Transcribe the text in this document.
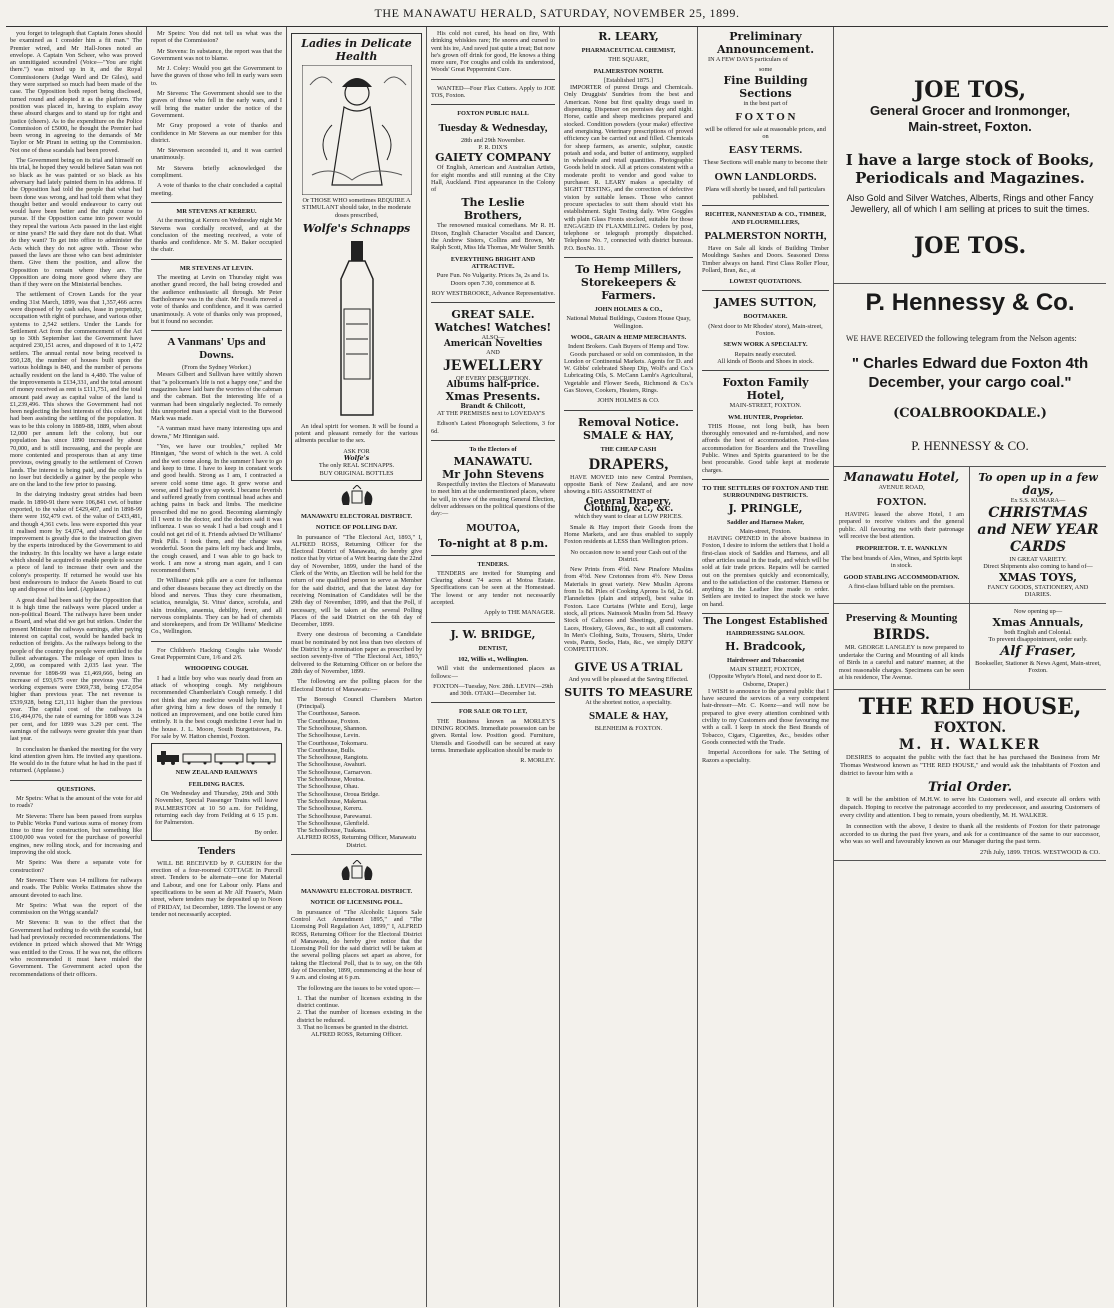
THE MANAWATU HERALD, SATURDAY, NOVEMBER 25, 1899.

you forget to telegraph that Captain Jones should be examined as I consider him a fit man." The Premier wired, and Mr Hall-Jones noted an envelope. A Captain Von Scheer, who was proved an unmitigated scoundrel (Voice—"You are right there.") was mixed up in it, and the Royal Commissioners (Judge Ward and Dr Giles), said they were surprised so much had been made of the case. The Opposition both report being disclosed, turned round and adopted it as the platform. The position was placed in, having to explain away these absurd charges and to stand up for right and justice (cheers). As to the expenditure on the Police Commission of £5000, he thought the Premier had been wrong in agreeing to the demands of Mr Taylor or Mr Pirani in setting up the Commission. Not one of these scandals had been proved.

The Government being on its trial and himself on his trial, he hoped they would believe Satan was not so black as he was painted or so black as his adversary had lately painted them in his address. If the Opposition had told the people that what had been done was wrong, and had told them what they thought better and would endeavour to carry out would have been better and the right course to pursue. If the Opposition came into power would they repeal the various Acts passed in the last eight or nine years? He said they dare not do that. What do they want? To get into office to administer the Acts which they do not agree with. Those who passed the laws are those who can best administer them. Give them the position, and allow the Opposition to remain where they are. The Opposition are doing more good where they are than if they were on the Ministerial benches.

The settlement of Crown Lands for the year ending 31st March, 1899, was that 1,357,466 acres were disposed of by cash sales, lease in perpetuity, occupation with right of purchase, and various other systems to 2,542 settlers. Under the Lands for Settlement Act from the commencement of the Act up to 30th September last the Government have acquired 230,151 acres, and disposed of it to 1,472 settlers. The annual rental now being received is £60,128, the number of houses built upon the various holdings is 840, and the number of persons actually resident on the land is 4,480. The value of the improvements is £134,331, and the total amount of money received as rent is £111,751, and the total amount paid away as capital value of the land is £1,239,496. This shows the Government had not been neglecting the best interests of this colony, but had been assisting the settling of the population. It was to be this colony in 1889-88, 1889, when about 12,000 per annum left the colony, but our population has since 1890 increased by about 70,000, and is still increasing, and the people are more contented and prosperous than at any time previous, owing greatly to the settlement of Crown lands. The interest is being paid, and the colony is no loser but decidedly a gainer by the people who are on the land to the few prior to passing.

In the dairying industry great strides had been made. In 1890-91 there were 106,841 cwt. of butter exported, to the value of £429,407, and in 1898-99 there were 192,479 cwt. of the value of £433,481, and though 4,361 cwts. less were exported this year it realised more by £4,074, and showed that the improvement is greatly due to the instruction given by the experts introduced by the Government to aid the industry. In this locality we have a large estate which should be acquired to enable people to secure a piece of land to increase their own and the colony's prosperity. If returned he would use his best endeavours to induce the Assets Board to cut up and dispose of this land. (Applause.)

A great deal had been said by the Opposition that it is high time the railways were placed under a non-political Board. The railways have been under a Board, and what did we get but strikes. Under the present Minister the railways earnings, after paying interest on capital cost, would be handed back in reduction of freights. As the railways belong to the people of the country the people were entitled to the fullest advantages. The mileage of open lines is 2,090, as compared with 2,035 last year. The revenue for 1898-99 was £1,469,666, being an increase of £93,675 over the previous year. The working expenses were £969,738, being £72,054 higher than previous year. The net revenue is £539,928, being £21,111 higher than the previous year. The capital cost of the railways is £16,494,076, the rate of earning for 1898 was 3.24 per cent, and for 1899 was 3.29 per cent. The earnings of the railways were greater this year than last year.

In conclusion he thanked the meeting for the very kind attention given him. He invited any questions. He would do in the future what he had in the past if returned. (Applause.)

QUESTIONS.

Mr Speirs: What is the amount of the vote for aid to roads?

Mr Stevens: There has been passed from surplus to Public Works Fund various sums of money from time to time for construction, but something like £100,000 was voted for the purchase of powerful engines, new rolling stock, and for increasing and improving the old stock.

Mr Speirs: Was there a separate vote for construction?

Mr Stevens: There was 14 millions for railways and roads. The Public Works Estimates show the amount devoted to each line.

Mr Speirs: What was the report of the commission on the Wrigg scandal?

Mr Stevens: It was to the effect that the Government had nothing to do with the scandal, but had had previously recorded recommendations. The evidence in prized which showed that Mr Wrigg was entitled to the Cross. If he was not, the officers who recommended it must have misled the Government. The Government acted upon the recommendations of their officers.

Mr Speirs: You did not tell us what was the report of the Commission?

Mr Stevens: In substance, the report was that the Government was not to blame.

Mr J. Coley: Would you get the Government to have the graves of those who fell in early wars seen to.

Mr Stevens: The Government should see to the graves of those who fell in the early wars, and I will bring the matter under the notice of the Government.

Mr Gray proposed a vote of thanks and confidence in Mr Stevens as our member for this district.

Mr Stevenson seconded it, and it was carried unanimously.

Mr Stevens briefly acknowledged the compliment.

A vote of thanks to the chair concluded a capital meeting.

MR STEVENS AT KERERU.

At the meeting at Kereru on Wednesday night Mr Stevens was cordially received, and at the conclusion of the meeting received, a vote of thanks and confidence. Mr S. M. Baker occupied the chair.

MR STEVENS AT LEVIN.

The meeting at Levin on Thursday night was another grand record, the hall being crowded and the audience enthusiastic all through. Mr Peter Bartholomew was in the chair. Mr Fossils moved a vote of thanks and confidence, and it was carried unanimously. A vote of thanks only was proposed, but it found no seconder.

A Vanmans' Ups and Downs.
(From the Sydney Worker.)

Messrs Gilbert and Sullivan have wittily shown that "a policeman's life is not a happy one," and the magazines have laid bare the worries of the cabman and the cabman. But the interesting life of a vanman had been singularly neglected. To remedy this unreported man a special visit to the Burwood Mark was made.

"A vanman must have many interesting ups and downs," Mr Hinnigan said.

"Yes, we have our troubles," replied Mr Hinnigan, "the worst of which is the wet. A cold and the wet come along. In the summer I have to go and keep to time. I have to keep in constant work and good health. Strong as I am, I contracted a severe cold some time ago. It grew worse and worse, and I had to give up work. I became feverish and suffered greatly from continual head aches and aching pains in back and limbs. The medicine prescribed did me no good. Becoming alarmingly ill I went to the doctor, and the doctors said it was influenza. I was so weak I had a bad cough and I could not get rid of it. Friends advised Dr Williams' Pink Pills. I took them, and the change was wonderful. Soon the pains left my back and limbs, the cough ceased, and I was able to go back to work. I am now a strong man again, and I can recommend them."

Dr Williams' pink pills are a cure for influenza and other diseases because they act directly on the blood and nerves. Thus they cure rheumatism, sciatica, neuralgia, St. Vitus' dance, scrofula, and skin troubles, anaemia, debility, fever, and all nervous complaints. They can be had of chemists and storekeepers, and from Dr Williams' Medicine Co., Wellington.

For Children's Hacking Coughs take Woods' Great Peppermint Cure, 1/6 and 2/6.

WHOOPING COUGH.

I had a little boy who was nearly dead from an attack of whooping cough. My neighbours recommended Chamberlain's Cough remedy. I did not think that any medicine would help him, but after giving him a few doses of the remedy I noticed an improvement, and one bottle cured him entirely. It is the best cough medicine I ever had in the house. J. L. Moore, South Burgettstown, Pa. For sale by W. Hatton chemist, Foxton.

NEW ZEALAND RAILWAYS
FEILDING RACES.

On Wednesday and Thursday, 29th and 30th November, Special Passenger Trains will leave PALMERSTON at 10 50 a.m. for Feilding, returning each day from Feilding at 6 15 p.m. for Palmerston.

By order.
Tenders

WILL BE RECEIVED by P. GUERIN for the erection of a four-roomed COTTAGE in Purcell street. Tenders to be alternate—one for Material and Labour, and one for Labour only. Plans and specifications to be seen at Mr Alf Fraser's, Main street, where tenders may be deposited up to Noon of FRIDAY, 1st December, 1899. The lowest or any tender not necessarily accepted.

Ladies in Delicate Health

Or THOSE WHO sometimes REQUIRE A STIMULANT should take, in the moderate doses prescribed,

Wolfe's Schnapps

An ideal spirit for women. It will be found a potent and pleasant remedy for the various ailments peculiar to the sex.

ASK FOR
Wolfe's
The only REAL SCHNAPPS.
BUY ORIGINAL BOTTLES
MANAWATU ELECTORAL DISTRICT.
NOTICE OF POLLING DAY.

In pursuance of "The Electoral Act, 1893," I, ALFRED ROSS, Returning Officer for the Electoral District of Manawatu, do hereby give notice that by virtue of a Writ bearing date the 22nd day of November, 1899, under the hand of the Clerk of the Writs, an Election will be held for the return of one qualified person to serve as Member for the said district, and that the latest day for receiving Nomination of Candidates will be the 29th day of November, 1899, and that the Poll, if necessary, will be taken at the several Polling Places of the said District on the 6th day of December, 1899.

Every one desirous of becoming a Candidate must be nominated by not less than two electors of the District by a nomination paper as prescribed by section seventy-five of "The Electoral Act, 1893," delivered to the Returning Officer on or before the 28th day of November, 1899.

The following are the polling places for the Electoral District of Manawatu:—

The Borough Council Chambers Marton (Principal).
The Courthouse, Sanson.
The Courthouse, Foxton.
The Schoolhouse, Shannon.
The Schoolhouse, Levin.
The Courthouse, Tokomaru.
The Courthouse, Bulls.
The Schoolhouse, Rangiotu.
The Schoolhouse, Awahuri.
The Schoolhouse, Carnarvon.
The Schoolhouse, Moutoa.
The Schoolhouse, Ohau.
The Schoolhouse, Oroua Bridge.
The Schoolhouse, Makerua.
The Schoolhouse, Kereru.
The Schoolhouse, Parewanui.
The Schoolhouse, Glenfield.
The Schoolhouse, Tuakana.
ALFRED ROSS, Returning Officer, Manawatu District.
MANAWATU ELECTORAL DISTRICT.
NOTICE OF LICENSING POLL.

In pursuance of "The Alcoholic Liquors Sale Control Act Amendment 1895," and "The Licensing Poll Regulation Act, 1899," I, ALFRED ROSS, Returning Officer for the Electoral District of Manawatu, do hereby give notice that the Licensing Poll for the said district will be taken at the several polling places set apart as above, for taking the Electoral Poll, that is to say, on the 6th day of December, 1899, commencing at the hour of 9 a.m. and closing at 6 p.m.

The following are the issues to be voted upon:—

1. That the number of licenses existing in the district continue.
2. That the number of licenses existing in the district be reduced.
3. That no licenses be granted in the district.
ALFRED ROSS, Returning Officer.

His cold not cured, his head on fire, With drinking whiskies rare; He snores and cursed to vent his ire, And raved just quite a treat; But now he's grown off drink for good, He knows a thing more sure, For coughs and colds its understood, Woods' Great Peppermint Cure.

WANTED—Four Flax Cutters. Apply to JOE TOS, Foxton.

FOXTON PUBLIC HALL
Tuesday & Wednesday,
28th and 29th November.
P. R. DIX'S
GAIETY COMPANY

Of English, American and Australian Artists, for eight months and still running at the City Hall, Auckland. First appearance in the Colony of

The Leslie Brothers,

The renowned musical comedians. Mr R. H. Dixon, English Character Vocalist and Dancer, the Andrew Sisters, Collins and Brown, Mr Ralph Scott, Miss Ida Thomas, Mr Walter Smith.

EVERYTHING BRIGHT AND ATTRACTIVE.

Pure Fun. No Vulgarity. Prices 3s, 2s and 1s. Doors open 7.30, commence at 8.

ROY WESTBROOKE, Advance Representative.
GREAT SALE.
Watches! Watches!
ALSO—
American Novelties
AND
JEWELLERY
OF EVERY DESCRIPTION.
Albums half-price.
Xmas Presents.
Brandt & Chilcott,

AT THE PREMISES next to LOVEDAY'S

Edison's Latest Phonograph Selections, 3 for 6d.

To the Electors of
MANAWATU.
Mr John Stevens

Respectfully invites the Electors of Manawatu to meet him at the undermentioned places, where he will, in view of the ensuing General Election, deliver addresses on the political questions of the day:—

MOUTOA,
To-night at 8 p.m.
TENDERS.

TENDERS are invited for Stumping and Clearing about 74 acres at Motoa Estate. Specifications can be seen at the Homestead. The lowest or any tender not necessarily accepted.

Apply to THE MANAGER.
J. W. BRIDGE,
DENTIST,
102, Willis st., Wellington.

Will visit the undermentioned places as follows:—

FOXTON—Tuesday, Nov. 28th. LEVIN—29th and 30th. OTAKI—December 1st.

FOR SALE OR TO LET,

THE Business known as MORLEY'S DINING ROOMS. Immediate possession can be given. Rental low. Position good. Furniture, Utensils and Goodwill can be secured at easy terms. Immediate application should be made to

R. MORLEY.
R. LEARY,
PHARMACEUTICAL CHEMIST,
THE SQUARE,
PALMERSTON NORTH.
[Established 1875.]

IMPORTER of purest Drugs and Chemicals. Only Druggists' Sundries from the best and American. None but first quality drugs used in dispensing. Dispenser on premises day and night. Horse, cattle and sheep medicines prepared and stocked. Condition powders (your make) effective and energising. Veterinary prescriptions of proved efficiency can be carried out and filled. Chemicals for sheep farmers, as arsenic, sulphur, caustic potash and soda, and butter of antimony, supplied in wholesale and retail quantities. Photographic Goods held in stock. All at prices consistent with a moderate profit to vendor and good value to purchaser. R. LEARY makes a speciality of SIGHT TESTING, and the correction of defective vision by suitable lenses. Those who cannot procure spectacles to suit them should visit his establishment. Sight Testing daily. Wire Goggles with plain Glass Fronts stocked, suitable for those ENGAGED IN FLAXMILLING. Orders by post, telephone or telegraph promptly dispatched. Telephone No. 7, connected with district bureaus. P.O. BoxNo. 11.

To Hemp Millers, Storekeepers & Farmers.
JOHN HOLMES & CO.,
National Mutual Buildings, Custom House Quay, Wellington.
WOOL, GRAIN & HEMP MERCHANTS.
Indent Brokers. Cash Buyers of Hemp and Tow.

Goods purchased or sold on commission, in the London or Continental Markets. Agents for D. and W. Gibbs' celebrated Sheep Dip, Wolf's and Co.'s Lubricating Oils, S. McCann Lamb's Agricultural, Vegetable and Flower Seeds, Richmond & Co.'s Gas Stoves, Cookers, Heaters, Rings.

JOHN HOLMES & CO.
Removal Notice.
SMALE & HAY,
THE CHEAP CASH
DRAPERS,

HAVE MOVED into new Central Premises, opposite Bank of New Zealand, and are now showing a BIG ASSORTMENT of

General Drapery, Clothing, &c., &c.

which they want to clear at LOW PRICES.

Smale & Hay import their Goods from the Home Markets, and are thus enabled to supply Foxton residents at LESS than Wellington prices.

No occasion now to send your Cash out of the District.

New Prints from 4½d. New Pinafore Muslins from 4½d. New Cretonnes from 4½. New Dress Materials in great variety. New Muslin Aprons from 1s 8d. Piles of Cooking Aprons 1s 6d, 2s 6d. Flannelettes (plain and striped), best value in Foxton. Lace Curtains (White and Ecru), large stock, all prices. Nainsook Muslin from 5d. Heavy Stock of Calicoes and Sheetings, grand value. Laces, Hosiery, Gloves, &c., to suit all customers. In Men's Clothing, Suits, Trousers, Shirts, Under vests, Pants, Socks, Hats, &c., we simply DEFY COMPETITION.

GIVE US A TRIAL

And you will be pleased at the Saving Effected.

SUITS TO MEASURE

At the shortest notice, a speciality.

SMALE & HAY,
BLENHEIM & FOXTON.
Preliminary Announcement.

IN A FEW DAYS particulars of

some
Fine Building Sections
in the best part of
F O X T O N

will be offered for sale at reasonable prices, and on

EASY TERMS.

These Sections will enable many to become their

OWN LANDLORDS.

Plans will shortly be issued, and full particulars published.

RICHTER, NANNESTAD & CO., TIMBER, AND FLOURMILLERS,
PALMERSTON NORTH,

Have on Sale all kinds of Building Timber Mouldings Sashes and Doors. Seasoned Dress Timber always on hand. First Class Roller Flour, Pollard, Bran, &c., at

LOWEST QUOTATIONS.
JAMES SUTTON,
BOOTMAKER.
(Next door to Mr Rhodes' store), Main-street, Foxton.
SEWN WORK A SPECIALTY.
Repairs neatly executed.
All kinds of Boots and Shoes in stock.
Foxton Family Hotel,
MAIN-STREET, FOXTON.
WM. HUNTER, Proprietor.

THIS House, not long built, has been thoroughly renovated and re-furnished, and now affords the best of accommodation. First-class accommodation for Boarders and the Travelling Public. Wines and Spirits guaranteed to be the best procurable. Good table kept at moderate charges.

TO THE SETTLERS OF FOXTON AND THE SURROUNDING DISTRICTS.
J. PRINGLE,
Saddler and Harness Maker,
Main-street, Foxton.

HAVING OPENED in the above business in Foxton, I desire to inform the settlers that I hold a first-class stock of Saddles and Harness, and all other articles usual in the trade, and which will be sold at fair trade prices. Repairs will be carried out on the premises quickly and economically, and to the satisfaction of the customer. Harness or anything in the Leather line made to order. Settlers are invited to inspect the stock we have on hand.

The Longest Established
HAIRDRESSING SALOON.
H. Bradcook,
Hairdresser and Tobacconist
MAIN STREET, FOXTON,
(Opposite Whyte's Hotel, and next door to E. Osborne, Draper.)

I WISH to announce to the general public that I have secured the services of a very competent hair-dresser—Mr. C. Koenz—and will now be prepared to give every attention combined with civility to my Customers and those favouring me with a call. I keep in stock the Best Brands of Tobacco, Cigars, Cigarettes, &c., besides other Goods connected with the Trade.

Imperial Accordions for sale. The Setting of Razors a speciality.

JOE TOS,
General Grocer and Ironmonger,
Main-street, Foxton.
I have a large stock of Books, Periodicals and Magazines.
Also Gold and Silver Watches, Alberts, Rings and other Fancy Jewellery, all of which I am selling at prices to suit the times.
JOE TOS.
P. Hennessy & Co.

WE HAVE RECEIVED the following telegram from the Nelson agents:

" Charles Edward due Foxton 4th December, your cargo coal."
(COALBROOKDALE.)
P. HENNESSY & CO.
Manawatu Hotel,
AVENUE ROAD,
FOXTON.

HAVING leased the above Hotel, I am prepared to receive visitors and the general public. All favouring me with their patronage will receive the best attention.

PROPRIETOR. T. E. WANKLYN

The best brands of Ales, Wines, and Spirits kept in stock.

GOOD STABLING ACCOMMODATION.

A first-class billiard table on the premises.

To open up in a few days,
Ex S.S. KUMARA—
CHRISTMAS and NEW YEAR CARDS
IN GREAT VARIETY.
Direct Shipments also coming to hand of—
XMAS TOYS,
FANCY GOODS, STATIONERY, AND DIARIES.
Preserving & Mounting
BIRDS.

MR. GEORGE LANGLEY is now prepared to undertake the Curing and Mounting of all kinds of Birds in a careful and nature' manner, at the most reasonable charges. Specimens can be seen at his residence, The Avenue.

Now opening up—
Xmas Annuals,
both English and Colonial.
To prevent disappointment, order early.
Alf Fraser,
Bookseller, Stationer & News Agent, Main-street, Foxton.
THE RED HOUSE,
FOXTON.
M. H. WALKER

DESIRES to acquaint the public with the fact that he has purchased the Business from Mr Thomas Westwood known as "THE RED HOUSE," and would ask the inhabitants of Foxton and district to favour him with a

Trial Order.

It will be the ambition of M.H.W. to serve his Customers well, and execute all orders with dispatch. Hoping to receive the patronage accorded to my predecessor, and assuring Customers of every civility and attention. I beg to remain, yours obediently, M. H. WALKER.

In connection with the above, I desire to thank all the residents of Foxton for their patronage accorded to us during the past five years, and ask for a continuance of the same to our successor, who was so well and favourably known as our Manager during the past term.

27th July, 1899. THOS. WESTWOOD & CO.
